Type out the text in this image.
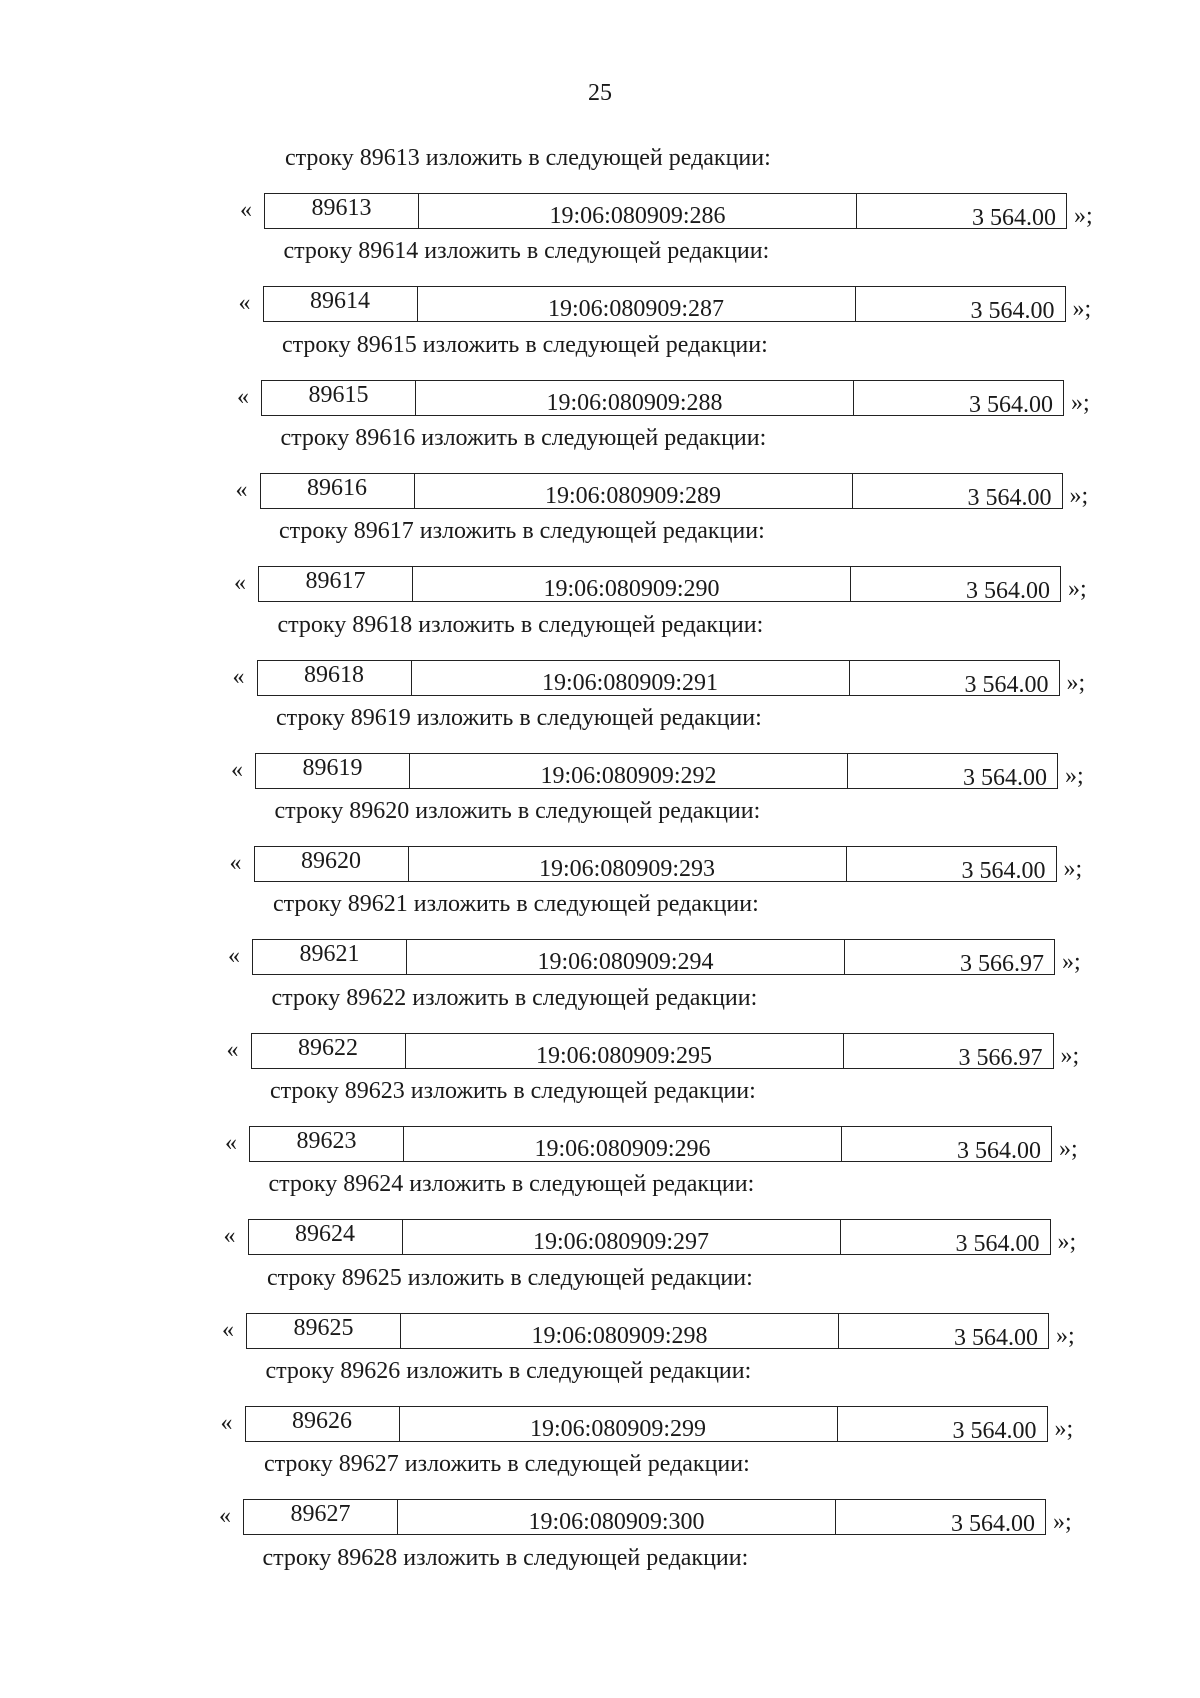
25
строку 89613 изложить в следующей редакции:
«	89613	19:06:080909:286	3 564.00 »;
строку 89614 изложить в следующей редакции:
«	89614	19:06:080909:287	3 564.00 »;
строку 89615 изложить в следующей редакции:
«	89615	19:06:080909:288	3 564.00 »;
строку 89616 изложить в следующей редакции:
«	89616	19:06:080909:289	3 564.00 »;
строку 89617 изложить в следующей редакции:
«	89617	19:06:080909:290	3 564.00 »;
строку 89618 изложить в следующей редакции:
«	89618	19:06:080909:291	3 564.00 »;
строку 89619 изложить в следующей редакции:
«	89619	19:06:080909:292	3 564.00 »;
строку 89620 изложить в следующей редакции:
«	89620	19:06:080909:293	3 564.00 »;
строку 89621 изложить в следующей редакции:
«	89621	19:06:080909:294	3 566.97 »;
строку 89622 изложить в следующей редакции:
«	89622	19:06:080909:295	3 566.97 »;
строку 89623 изложить в следующей редакции:
«	89623	19:06:080909:296	3 564.00 »;
строку 89624 изложить в следующей редакции:
«	89624	19:06:080909:297	3 564.00 »;
строку 89625 изложить в следующей редакции:
«	89625	19:06:080909:298	3 564.00 »;
строку 89626 изложить в следующей редакции:
«	89626	19:06:080909:299	3 564.00 »;
строку 89627 изложить в следующей редакции:
«	89627	19:06:080909:300	3 564.00 »;
строку 89628 изложить в следующей редакции:
